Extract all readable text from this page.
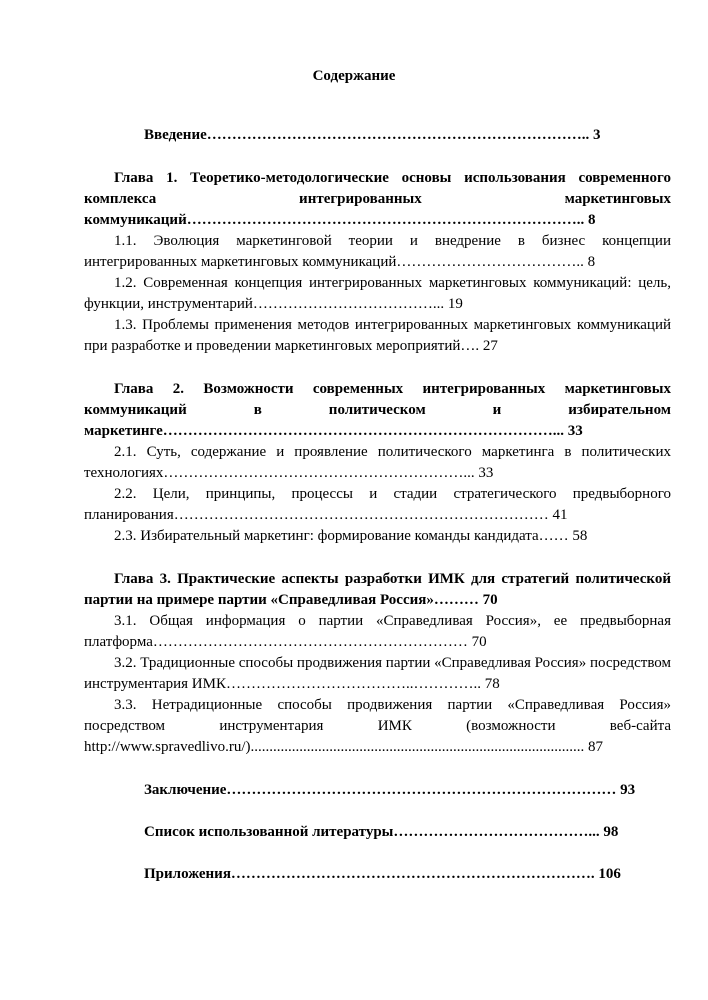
Содержание
Введение………………………………………………………………….. 3
Глава 1. Теоретико-методологические основы использования современного комплекса интегрированных маркетинговых коммуникаций…………………………………………………………………….. 8
1.1. Эволюция маркетинговой теории и внедрение в бизнес концепции интегрированных маркетинговых коммуникаций……………………………….. 8
1.2. Современная концепция интегрированных маркетинговых коммуникаций: цель, функции, инструментарий………………………………... 19
1.3. Проблемы применения методов интегрированных маркетинговых коммуникаций при разработке и проведении маркетинговых мероприятий…. 27
Глава 2. Возможности современных интегрированных маркетинговых коммуникаций в политическом и избирательном маркетинге……………………………………………………………………... 33
2.1. Суть, содержание и проявление политического маркетинга в политических технологиях……………………………………………………... 33
2.2. Цели, принципы, процессы и стадии стратегического предвыборного планирования………………………………………………………………… 41
2.3. Избирательный маркетинг: формирование команды кандидата…… 58
Глава 3. Практические аспекты разработки ИМК для стратегий политической партии на примере партии «Справедливая Россия»……… 70
3.1. Общая информация о партии «Справедливая Россия», ее предвыборная платформа……………………………………………………… 70
3.2. Традиционные способы продвижения партии «Справедливая Россия» посредством инструментария ИМК………………………………..………….. 78
3.3. Нетрадиционные способы продвижения партии «Справедливая Россия» посредством инструментария ИМК (возможности веб-сайта http://www.spravedlivo.ru/)......................................................................................... 87
Заключение…………………………………………………………………… 93
Список использованной литературы…………………………………... 98
Приложения………………………………………………………………. 106
